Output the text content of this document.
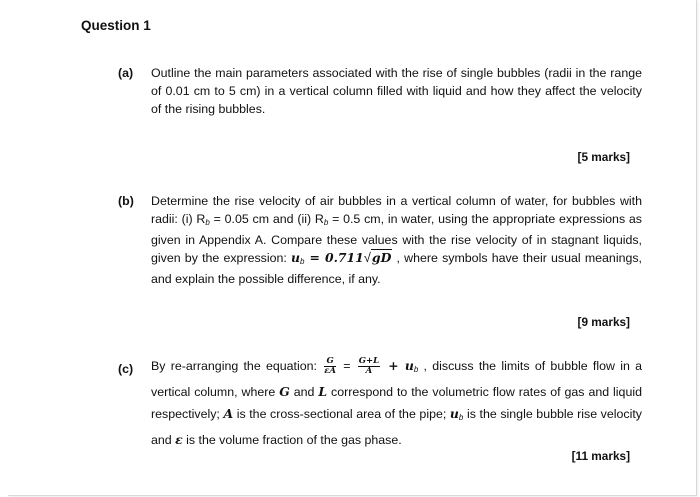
Question 1
(a) Outline the main parameters associated with the rise of single bubbles (radii in the range of 0.01 cm to 5 cm) in a vertical column filled with liquid and how they affect the velocity of the rising bubbles.
[5 marks]
(b) Determine the rise velocity of air bubbles in a vertical column of water, for bubbles with radii: (i) $R_b = 0.05$ cm and (ii) $R_b = 0.5$ cm, in water, using the appropriate expressions as given in Appendix A. Compare these values with the rise velocity of in stagnant liquids, given by the expression: $u_b = 0.711√gD$ , where symbols have their usual meanings, and explain the possible difference, if any.
[9 marks]
(c) By re-arranging the equation: $\frac{G}{\varepsilon A} = \frac{G+L}{A} + u_b$ , discuss the limits of bubble flow in a vertical column, where G and L correspond to the volumetric flow rates of gas and liquid respectively; A is the cross-sectional area of the pipe; $u_b$ is the single bubble rise velocity and ε is the volume fraction of the gas phase.
[11 marks]
